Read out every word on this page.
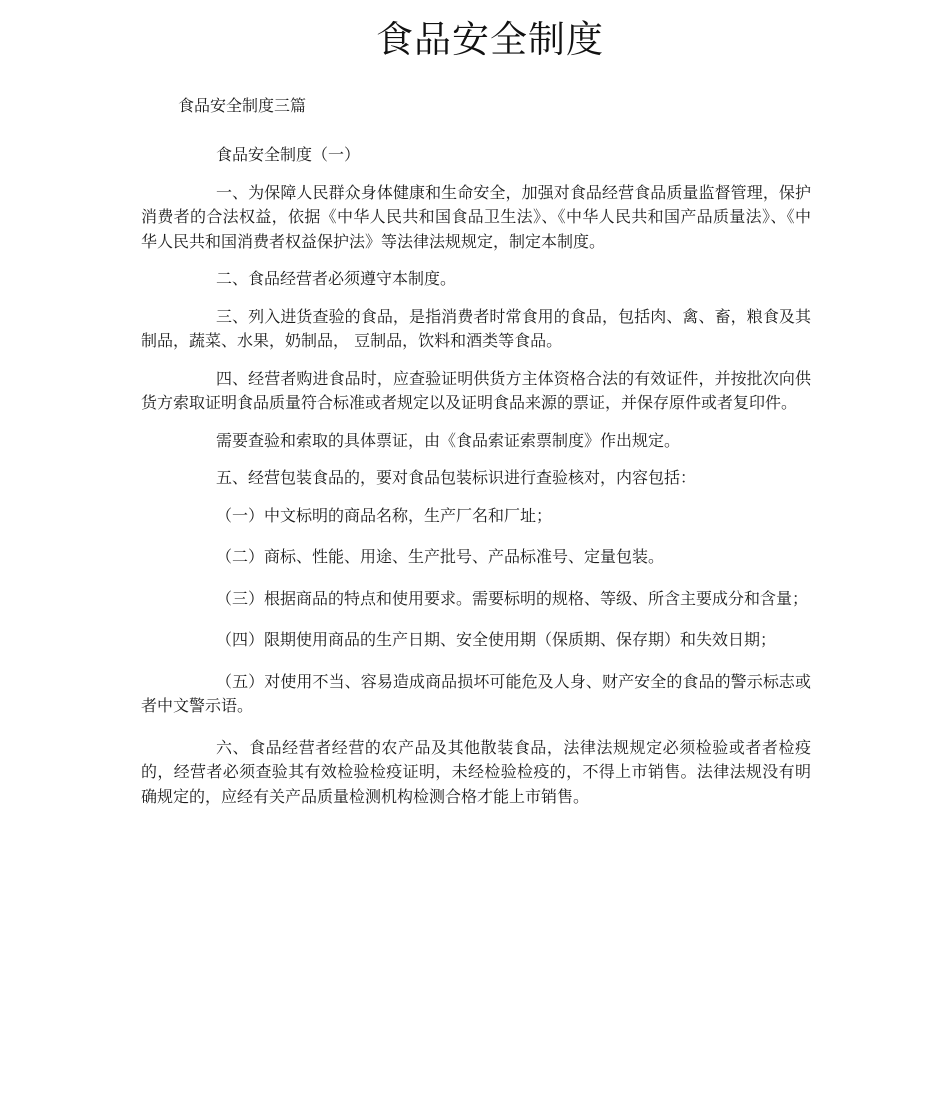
食品安全制度
食品安全制度三篇

食品安全制度（一）

一、为保障人民群众身体健康和生命安全，加强对食品经营食品质量监督管理，保护消费者的合法权益，依据《中华人民共和国食品卫生法》、《中华人民共和国产品质量法》、《中华人民共和国消费者权益保护法》等法律法规规定，制定本制度。

二、食品经营者必须遵守本制度。

三、列入进货查验的食品，是指消费者时常食用的食品，包括肉、禽、畜，粮食及其制品，蔬菜、水果，奶制品， 豆制品，饮料和酒类等食品。

四、经营者购进食品时，应查验证明供货方主体资格合法的有效证件，并按批次向供货方索取证明食品质量符合标准或者规定以及证明食品来源的票证，并保存原件或者复印件。

需要查验和索取的具体票证，由《食品索证索票制度》作出规定。

五、经营包装食品的，要对食品包装标识进行查验核对，内容包括：

（一）中文标明的商品名称，生产厂名和厂址；

（二）商标、性能、用途、生产批号、产品标准号、定量包装。

（三）根据商品的特点和使用要求。需要标明的规格、等级、所含主要成分和含量；

（四）限期使用商品的生产日期、安全使用期（保质期、保存期）和失效日期；

（五）对使用不当、容易造成商品损坏可能危及人身、财产安全的食品的警示标志或者中文警示语。

六、食品经营者经营的农产品及其他散装食品，法律法规规定必须检验或者者检疫的，经营者必须查验其有效检验检疫证明，未经检验检疫的，不得上市销售。法律法规没有明确规定的，应经有关产品质量检测机构检测合格才能上市销售。
